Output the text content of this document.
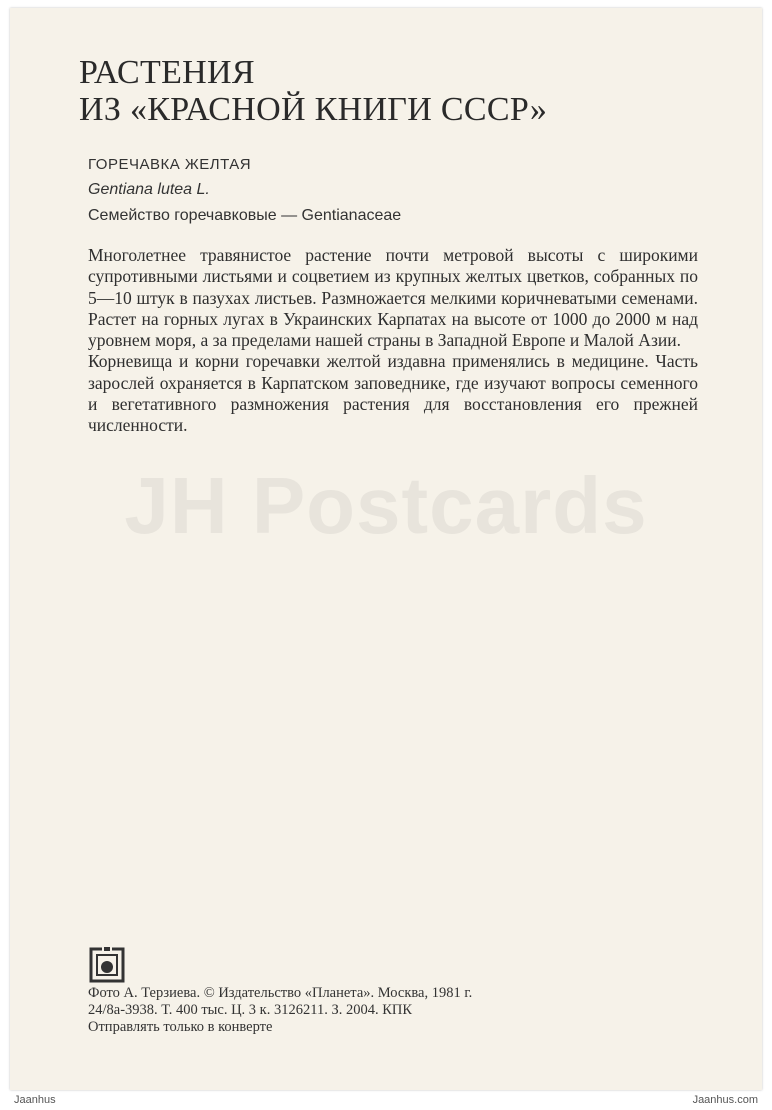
JH Postcards
РАСТЕНИЯ
ИЗ «КРАСНОЙ КНИГИ СССР»
ГОРЕЧАВКА ЖЕЛТАЯ
Gentiana lutea L.
Семейство горечавковые — Gentianaceae

Многолетнее травянистое растение почти метровой высоты с широкими супротивными листьями и соцветием из крупных желтых цветков, собранных по 5—10 штук в пазухах листьев. Размножается мелкими коричневатыми семенами. Растет на горных лугах в Украинских Карпатах на высоте от 1000 до 2000 м над уровнем моря, а за пределами нашей страны в Западной Европе и Малой Азии.

Корневища и корни горечавки желтой издавна применялись в медицине. Часть зарослей охраняется в Карпатском заповеднике, где изучают вопросы семенного и вегетативного размножения растения для восстановления его прежней численности.

Фото А. Терзиева. © Издательство «Планета». Москва, 1981 г.
24/8а-3938. Т. 400 тыс. Ц. 3 к. 3126211. З. 2004. КПК
Отправлять только в конверте
Jaanhus	Jaanhus.com
